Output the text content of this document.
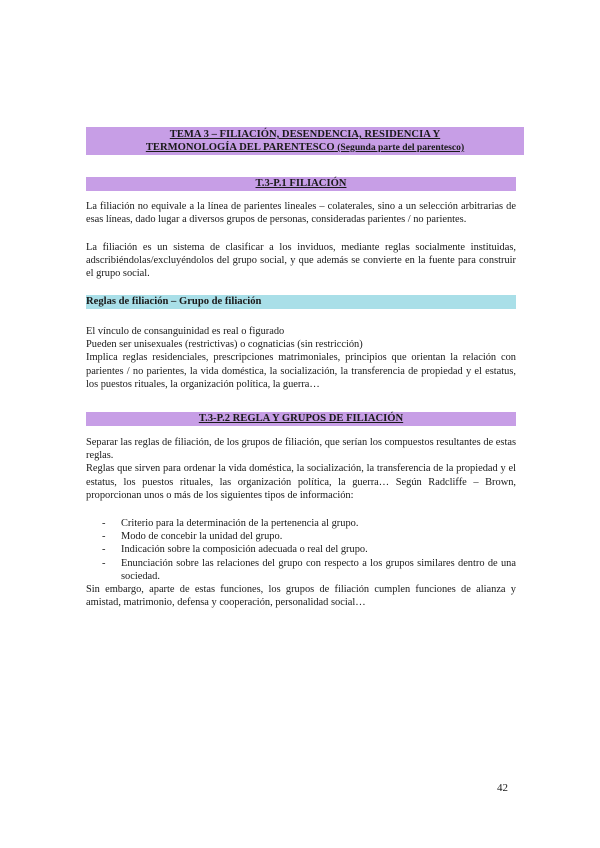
TEMA 3 – FILIACIÓN, DESENDENCIA, RESIDENCIA Y
TERMONOLOGÍA DEL PARENTESCO (Segunda parte del parentesco)
T.3-P.1 FILIACIÓN

La filiación no equivale a la línea de parientes lineales – colaterales, sino a un selección arbitrarias de esas líneas, dado lugar a diversos grupos de personas, consideradas parientes / no parientes.

La filiación es un sistema de clasificar a los inviduos, mediante reglas socialmente instituidas, adscribiéndolas/excluyéndolos del grupo social, y que además se convierte en la fuente para construir el grupo social.

Reglas de filiación – Grupo de filiación

El vínculo de consanguinidad es real o figurado

Pueden ser unisexuales (restrictivas) o cognaticias (sin restricción)

Implica reglas residenciales, prescripciones matrimoniales, principios que orientan la relación con parientes / no parientes, la vida doméstica, la socialización, la transferencia de propiedad y el estatus, los puestos rituales, la organización política, la guerra…

T.3-P.2 REGLA Y GRUPOS DE FILIACIÓN

Separar las reglas de filiación, de los grupos de filiación, que serían los compuestos resultantes de estas reglas.

Reglas que sirven para ordenar la vida doméstica, la socialización, la transferencia de la propiedad y el estatus, los puestos rituales, las organización política, la guerra… Según Radcliffe – Brown, proporcionan unos o más de los siguientes tipos de información:

- Criterio para la determinación de la pertenencia al grupo.
- Modo de concebir la unidad del grupo.
- Indicación sobre la composición adecuada o real del grupo.
- Enunciación sobre las relaciones del grupo con respecto a los grupos similares dentro de una sociedad.

Sin embargo, aparte de estas funciones, los grupos de filiación cumplen funciones de alianza y amistad, matrimonio, defensa y cooperación, personalidad social…

42
